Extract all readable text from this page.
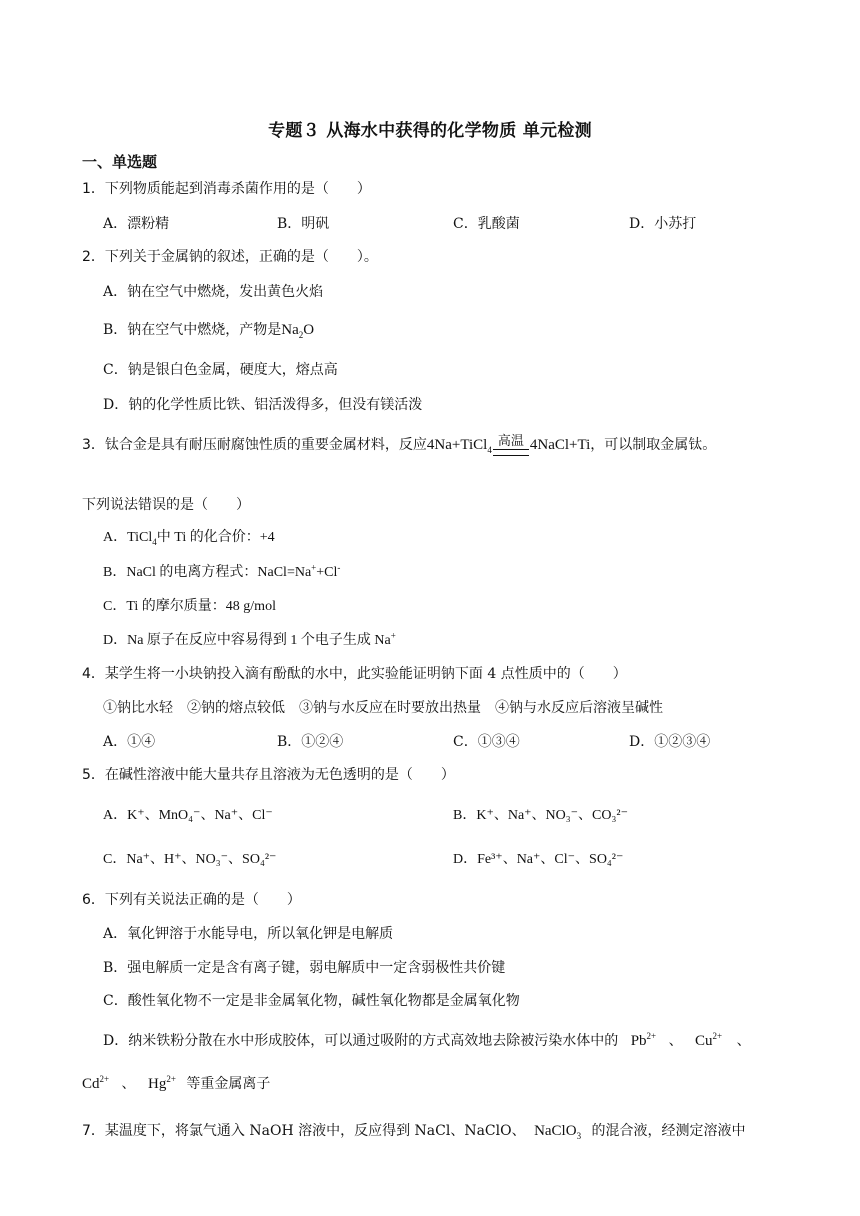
专题３ 从海水中获得的化学物质 单元检测
一、单选题
1．下列物质能起到消毒杀菌作用的是（　　）
A．漂粉精	B．明矾	C．乳酸菌	D．小苏打
2．下列关于金属钠的叙述，正确的是（　　）。
A．钠在空气中燃烧，发出黄色火焰
B．钠在空气中燃烧，产物是$Na_2O$
C．钠是银白色金属，硬度大，熔点高
D．钠的化学性质比铁、铝活泼得多，但没有镁活泼
3．钛合金是具有耐压耐腐蚀性质的重要金属材料，反应4Na+TiCl$_4$
高温 4NaCl+Ti，可以制取金属钛。
下列说法错误的是（　　）
A．TiCl$_4$中 Ti 的化合价：+4
B．NaCl 的电离方程式：NaCl=Na++Cl-
C．Ti 的摩尔质量：48 g/mol
D．Na 原子在反应中容易得到 1 个电子生成 Na+
4．某学生将一小块钠投入滴有酚酞的水中，此实验能证明钠下面 4 点性质中的（　　）
①钠比水轻　②钠的熔点较低　③钠与水反应在时要放出热量　④钠与水反应后溶液呈碱性
A．①④	B．①②④	C．①③④	D．①②③④
5．在碱性溶液中能大量共存且溶液为无色透明的是（　　）
A．K⁺、MnO₄⁻、Na⁺、Cl⁻	B．K⁺、Na⁺、NO₃⁻、CO₃²⁻
C．Na⁺、H⁺、NO₃⁻、SO₄²⁻	D．Fe³⁺、Na⁺、Cl⁻、SO₄²⁻
6．下列有关说法正确的是（　　）
A．氧化钾溶于水能导电，所以氧化钾是电解质
B．强电解质一定是含有离子键，弱电解质中一定含弱极性共价键
C．酸性氧化物不一定是非金属氧化物，碱性氧化物都是金属氧化物
D．纳米铁粉分散在水中形成胶体，可以通过吸附的方式高效地去除被污染水体中的 $Pb^{2+}$ 、 $Cu^{2+}$ 、
$Cd^{2+}$ 、 $Hg^{2+}$ 等重金属离子
7．某温度下，将氯气通入 NaOH 溶液中，反应得到 NaCl、NaClO、 NaClO$_3$ 的混合液，经测定溶液中
